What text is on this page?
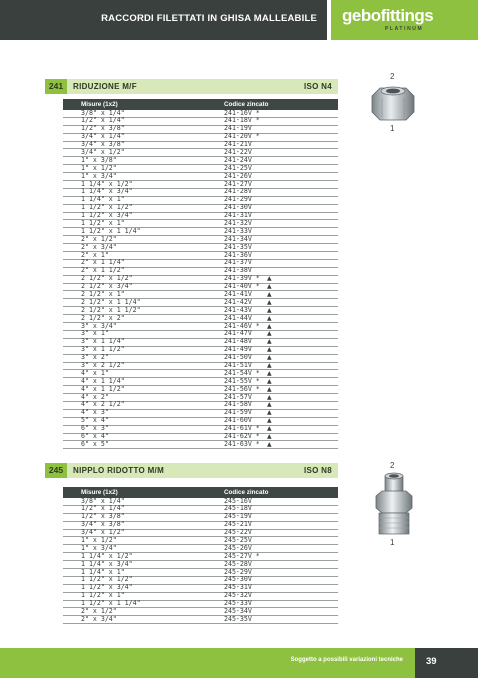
RACCORDI FILETTATI IN GHISA MALLEABILE gebofittings
PLATINUM
241	RIDUZIONE M/F	ISO N4
Misure (1x2)	Codice zincato
3/8" x 1/4"	241-16V *
1/2" x 1/4"	241-18V *
1/2" x 3/8"	241-19V
3/4" x 1/4"	241-20V *
3/4" x 3/8"	241-21V
3/4" x 1/2"	241-22V
1" x 3/8"	241-24V
1" x 1/2"	241-25V
1" x 3/4"	241-26V
1 1/4" x 1/2"	241-27V
1 1/4" x 3/4"	241-28V
1 1/4" x 1"	241-29V
1 1/2" x 1/2"	241-30V
1 1/2" x 3/4"	241-31V
1 1/2" x 1"	241-32V
1 1/2" x 1 1/4"	241-33V
2" x 1/2"	241-34V
2" x 3/4"	241-35V
2" x 1"	241-36V
2" x 1 1/4"	241-37V
2" x 1 1/2"	241-38V
2 1/2" x 1/2"	241-39V * ▲
2 1/2" x 3/4"	241-40V * ▲
2 1/2" x 1"	241-41V	▲
2 1/2" x 1 1/4"	241-42V	▲
2 1/2" x 1 1/2"	241-43V	▲
2 1/2" x 2"	241-44V	▲
3" x 3/4"	241-46V * ▲
3" x 1"	241-47V	▲
3" x 1 1/4"	241-48V	▲
3" x 1 1/2"	241-49V	▲
3" x 2"	241-50V	▲
3" x 2 1/2"	241-51V	▲
4" x 1"	241-54V * ▲
4" x 1 1/4"	241-55V * ▲
4" x 1 1/2"	241-56V * ▲
4" x 2"	241-57V	▲
4" x 2 1/2"	241-58V	▲
4" x 3"	241-59V	▲
5" x 4"	241-60V	▲
6" x 3"	241-61V * ▲
6" x 4"	241-62V * ▲
6" x 5"	241-63V * ▲
2
1
245	NIPPLO RIDOTTO M/M	ISO N8
Misure (1x2)	Codice zincato
3/8" x 1/4"	245-16V
1/2" x 1/4"	245-18V
1/2" x 3/8"	245-19V
3/4" x 3/8"	245-21V
3/4" x 1/2"	245-22V
1" x 1/2"	245-25V
1" x 3/4"	245-26V
1 1/4" x 1/2"	245-27V *
1 1/4" x 3/4"	245-28V
1 1/4" x 1"	245-29V
1 1/2" x 1/2"	245-30V
1 1/2" x 3/4"	245-31V
1 1/2" x 1"	245-32V
1 1/2" x 1 1/4"	245-33V
2" x 1/2"	245-34V
2" x 3/4"	245-35V
2
1
Soggetto a possibili variazioni tecniche 39
